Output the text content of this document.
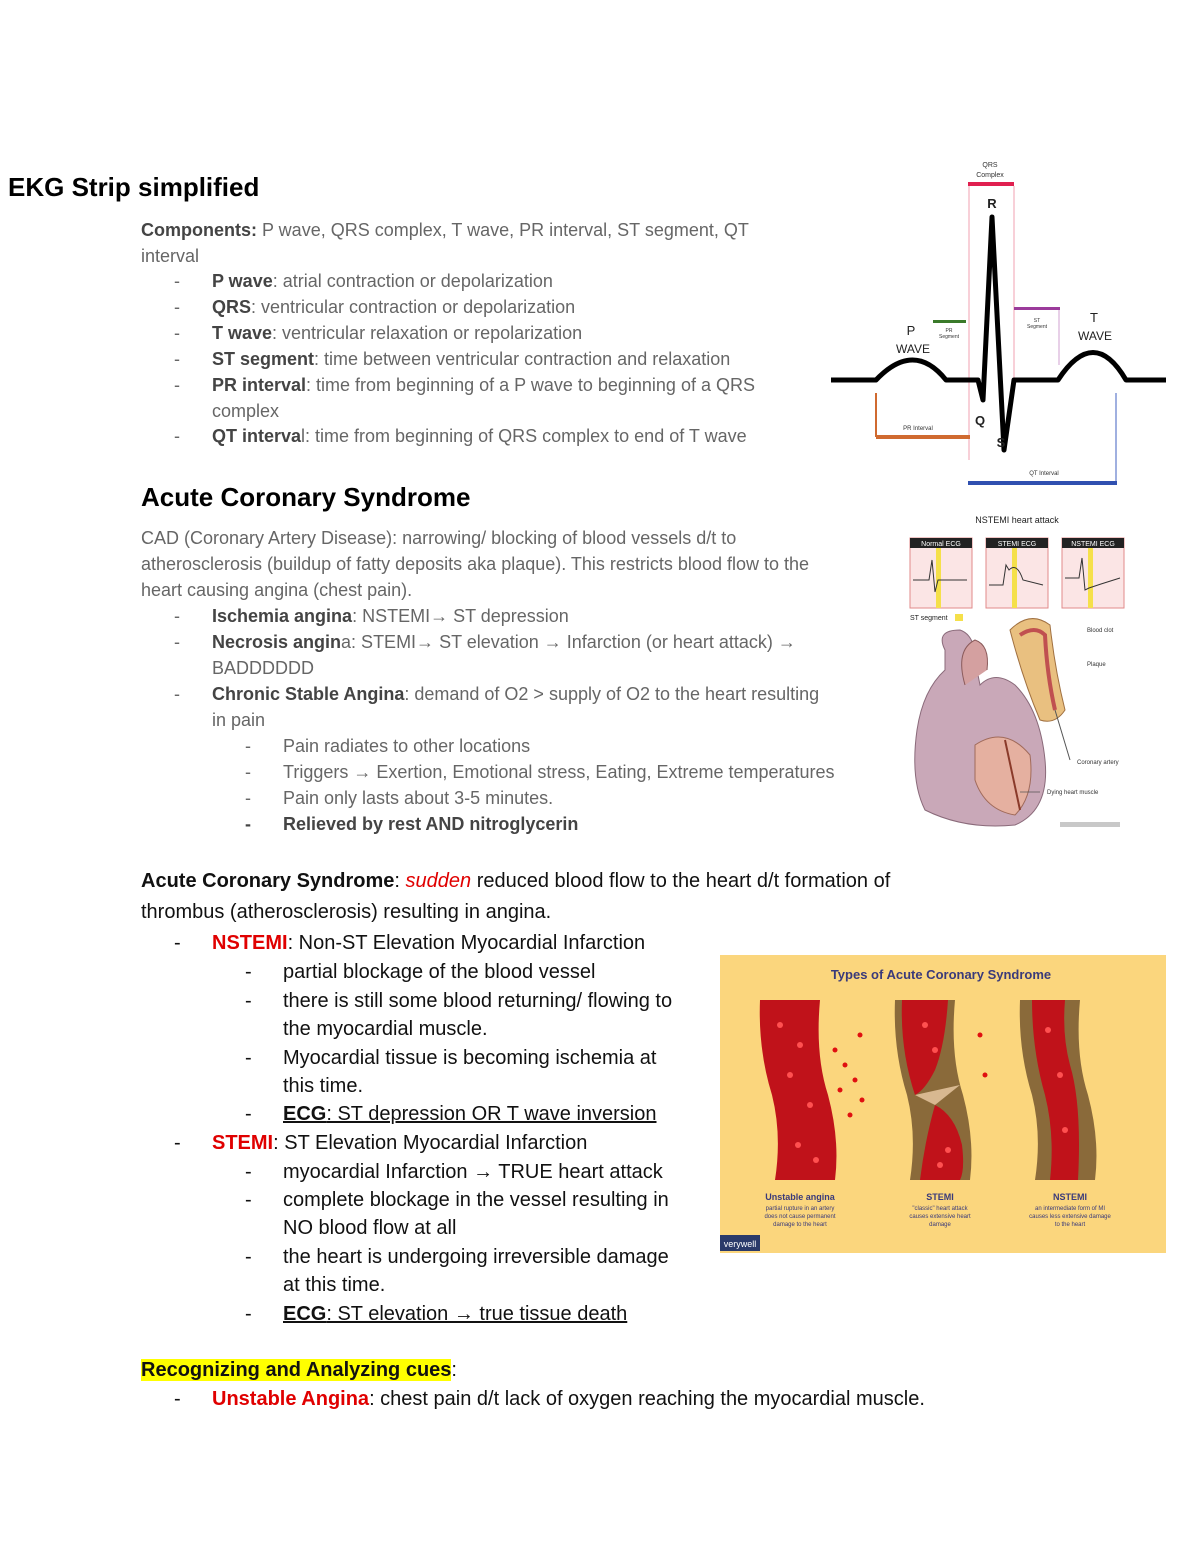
EKG Strip simplified
Components: P wave, QRS complex, T wave, PR interval, ST segment, QT
interval
- P wave: atrial contraction or depolarization
- QRS: ventricular contraction or depolarization
- T wave: ventricular relaxation or repolarization
- ST segment: time between ventricular contraction and relaxation
- PR interval: time from beginning of a P wave to beginning of a QRS
complex
- QT interval: time from beginning of QRS complex to end of T wave
QRS
Complex
R
PR
Segment
ST
Segment
P
WAVE
T
WAVE
Q
S
PR Interval
QT Interval
Acute Coronary Syndrome
CAD (Coronary Artery Disease): narrowing/ blocking of blood vessels d/t to
atherosclerosis (buildup of fatty deposits aka plaque). This restricts blood flow to the
heart causing angina (chest pain).
- Ischemia angina: NSTEMI→ ST depression
- Necrosis angina: STEMI→ ST elevation → Infarction (or heart attack) →
BADDDDDD
- Chronic Stable Angina: demand of O2 > supply of O2 to the heart resulting
in pain
- Pain radiates to other locations
- Triggers → Exertion, Emotional stress, Eating, Extreme temperatures
- Pain only lasts about 3-5 minutes.
- Relieved by rest AND nitroglycerin
NSTEMI heart attack
Normal ECG	STEMI ECG	NSTEMI ECG
ST segment
Blood clot
Plaque
Coronary artery
Dying heart muscle
Acute Coronary Syndrome: sudden reduced blood flow to the heart d/t formation of
thrombus (atherosclerosis) resulting in angina.
- NSTEMI: Non-ST Elevation Myocardial Infarction
- partial blockage of the blood vessel
- there is still some blood returning/ flowing to
the myocardial muscle.
- Myocardial tissue is becoming ischemia at
this time.
- ECG: ST depression OR T wave inversion
- STEMI: ST Elevation Myocardial Infarction
- myocardial Infarction → TRUE heart attack
- complete blockage in the vessel resulting in
NO blood flow at all
- the heart is undergoing irreversible damage
at this time.
- ECG: ST elevation → true tissue death
Types of Acute Coronary Syndrome
Unstable angina
partial rupture in an artery
does not cause permanent
damage to the heart
STEMI
"classic" heart attack
causes extensive heart
damage
NSTEMI
an intermediate form of MI
causes less extensive damage
to the heart
verywell
Recognizing and Analyzing cues:
- Unstable Angina: chest pain d/t lack of oxygen reaching the myocardial muscle.
